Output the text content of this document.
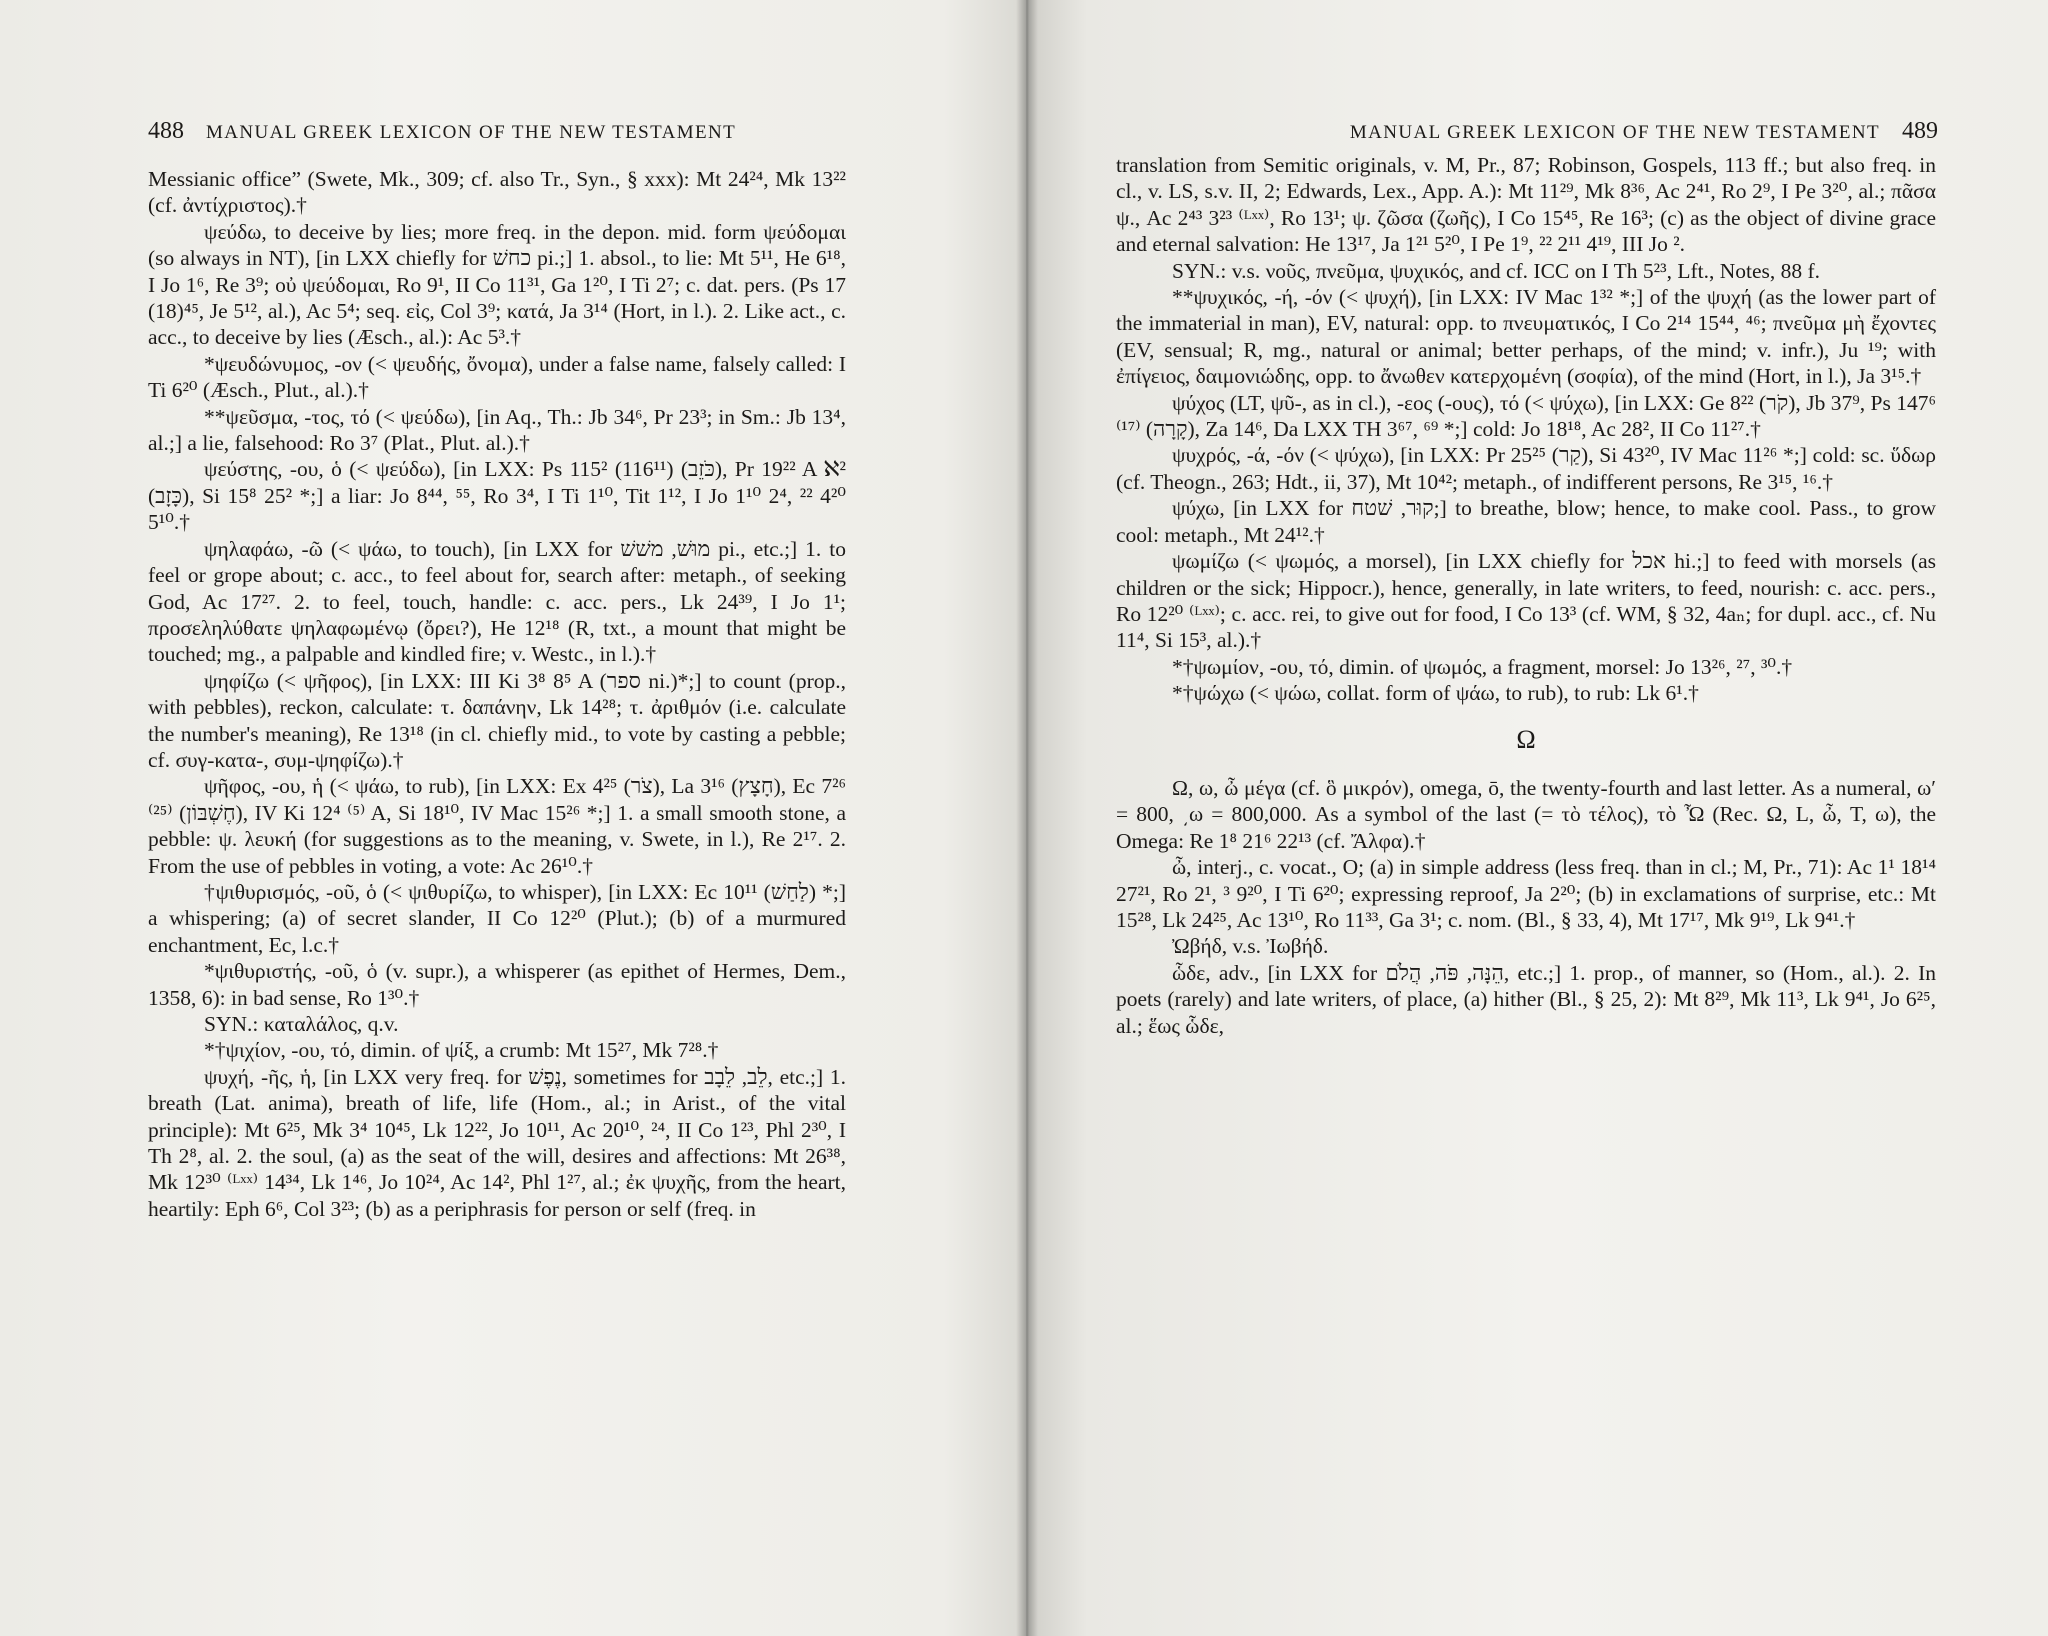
488 MANUAL GREEK LEXICON OF THE NEW TESTAMENT

Messianic office” (Swete, Mk., 309; cf. also Tr., Syn., § xxx): Mt 24²⁴, Mk 13²² (cf. ἀντίχριστος).†

ψεύδω, to deceive by lies; more freq. in the depon. mid. form ψεύδομαι (so always in NT), [in LXX chiefly for כחשׁ pi.;] 1. absol., to lie: Mt 5¹¹, He 6¹⁸, I Jo 1⁶, Re 3⁹; οὐ ψεύδομαι, Ro 9¹, II Co 11³¹, Ga 1²⁰, I Ti 2⁷; c. dat. pers. (Ps 17 (18)⁴⁵, Je 5¹², al.), Ac 5⁴; seq. εἰς, Col 3⁹; κατά, Ja 3¹⁴ (Hort, in l.). 2. Like act., c. acc., to deceive by lies (Æsch., al.): Ac 5³.†

*ψευδώνυμος, -ον (< ψευδής, ὄνομα), under a false name, falsely called: I Ti 6²⁰ (Æsch., Plut., al.).†

**ψεῦσμα, -τος, τό (< ψεύδω), [in Aq., Th.: Jb 34⁶, Pr 23³; in Sm.: Jb 13⁴, al.;] a lie, falsehood: Ro 3⁷ (Plat., Plut. al.).†

ψεύστης, -ου, ὁ (< ψεύδω), [in LXX: Ps 115² (116¹¹) (כֹּזֵב), Pr 19²² A ℵ² (כָּזָב), Si 15⁸ 25² *;] a liar: Jo 8⁴⁴, ⁵⁵, Ro 3⁴, I Ti 1¹⁰, Tit 1¹², I Jo 1¹⁰ 2⁴, ²² 4²⁰ 5¹⁰.†

ψηλαφάω, -ῶ (< ψάω, to touch), [in LXX for מוּשׁ, משׁשׁ pi., etc.;] 1. to feel or grope about; c. acc., to feel about for, search after: metaph., of seeking God, Ac 17²⁷. 2. to feel, touch, handle: c. acc. pers., Lk 24³⁹, I Jo 1¹; προσεληλύθατε ψηλαφωμένῳ (ὄρει?), He 12¹⁸ (R, txt., a mount that might be touched; mg., a palpable and kindled fire; v. Westc., in l.).†

ψηφίζω (< ψῆφος), [in LXX: III Ki 3⁸ 8⁵ A (ספר ni.)*;] to count (prop., with pebbles), reckon, calculate: τ. δαπάνην, Lk 14²⁸; τ. ἀριθμόν (i.e. calculate the number's meaning), Re 13¹⁸ (in cl. chiefly mid., to vote by casting a pebble; cf. συγ-κατα-, συμ-ψηφίζω).†

ψῆφος, -ου, ἡ (< ψάω, to rub), [in LXX: Ex 4²⁵ (צֹר), La 3¹⁶ (חָצָץ), Ec 7²⁶ ⁽²⁵⁾ (חֶשְׁבּוֹן), IV Ki 12⁴ ⁽⁵⁾ A, Si 18¹⁰, IV Mac 15²⁶ *;] 1. a small smooth stone, a pebble: ψ. λευκή (for suggestions as to the meaning, v. Swete, in l.), Re 2¹⁷. 2. From the use of pebbles in voting, a vote: Ac 26¹⁰.†

†ψιθυρισμός, -οῦ, ὁ (< ψιθυρίζω, to whisper), [in LXX: Ec 10¹¹ (לַחַשׁ) *;] a whispering; (a) of secret slander, II Co 12²⁰ (Plut.); (b) of a murmured enchantment, Ec, l.c.†

*ψιθυριστής, -οῦ, ὁ (v. supr.), a whisperer (as epithet of Hermes, Dem., 1358, 6): in bad sense, Ro 1³⁰.†

SYN.: καταλάλος, q.v.

*†ψιχίον, -ου, τό, dimin. of ψίξ, a crumb: Mt 15²⁷, Mk 7²⁸.†

ψυχή, -ῆς, ἡ, [in LXX very freq. for נֶפֶשׁ, sometimes for לֵב, לֵבָב, etc.;] 1. breath (Lat. anima), breath of life, life (Hom., al.; in Arist., of the vital principle): Mt 6²⁵, Mk 3⁴ 10⁴⁵, Lk 12²², Jo 10¹¹, Ac 20¹⁰, ²⁴, II Co 1²³, Phl 2³⁰, I Th 2⁸, al. 2. the soul, (a) as the seat of the will, desires and affections: Mt 26³⁸, Mk 12³⁰ ⁽ᴸˣˣ⁾ 14³⁴, Lk 1⁴⁶, Jo 10²⁴, Ac 14², Phl 1²⁷, al.; ἐκ ψυχῆς, from the heart, heartily: Eph 6⁶, Col 3²³; (b) as a periphrasis for person or self (freq. in

MANUAL GREEK LEXICON OF THE NEW TESTAMENT 489

translation from Semitic originals, v. M, Pr., 87; Robinson, Gospels, 113 ff.; but also freq. in cl., v. LS, s.v. II, 2; Edwards, Lex., App. A.): Mt 11²⁹, Mk 8³⁶, Ac 2⁴¹, Ro 2⁹, I Pe 3²⁰, al.; πᾶσα ψ., Ac 2⁴³ 3²³ ⁽ᴸˣˣ⁾, Ro 13¹; ψ. ζῶσα (ζωῆς), I Co 15⁴⁵, Re 16³; (c) as the object of divine grace and eternal salvation: He 13¹⁷, Ja 1²¹ 5²⁰, I Pe 1⁹, ²² 2¹¹ 4¹⁹, III Jo ².

SYN.: v.s. νοῦς, πνεῦμα, ψυχικός, and cf. ICC on I Th 5²³, Lft., Notes, 88 f.

**ψυχικός, -ή, -όν (< ψυχή), [in LXX: IV Mac 1³² *;] of the ψυχή (as the lower part of the immaterial in man), EV, natural: opp. to πνευματικός, I Co 2¹⁴ 15⁴⁴, ⁴⁶; πνεῦμα μὴ ἔχοντες (EV, sensual; R, mg., natural or animal; better perhaps, of the mind; v. infr.), Ju ¹⁹; with ἐπίγειος, δαιμονιώδης, opp. to ἄνωθεν κατερχομένη (σοφία), of the mind (Hort, in l.), Ja 3¹⁵.†

ψύχος (LT, ψῦ-, as in cl.), -εος (-ους), τό (< ψύχω), [in LXX: Ge 8²² (קֹר), Jb 37⁹, Ps 147⁶ ⁽¹⁷⁾ (קָרָה), Za 14⁶, Da LXX TH 3⁶⁷, ⁶⁹ *;] cold: Jo 18¹⁸, Ac 28², II Co 11²⁷.†

ψυχρός, -ά, -όν (< ψύχω), [in LXX: Pr 25²⁵ (קַר), Si 43²⁰, IV Mac 11²⁶ *;] cold: sc. ὕδωρ (cf. Theogn., 263; Hdt., ii, 37), Mt 10⁴²; metaph., of indifferent persons, Re 3¹⁵, ¹⁶.†

ψύχω, [in LXX for קוּר, שׁטח;] to breathe, blow; hence, to make cool. Pass., to grow cool: metaph., Mt 24¹².†

ψωμίζω (< ψωμός, a morsel), [in LXX chiefly for אכל hi.;] to feed with morsels (as children or the sick; Hippocr.), hence, generally, in late writers, to feed, nourish: c. acc. pers., Ro 12²⁰ ⁽ᴸˣˣ⁾; c. acc. rei, to give out for food, I Co 13³ (cf. WM, § 32, 4aₙ; for dupl. acc., cf. Nu 11⁴, Si 15³, al.).†

*†ψωμίον, -ου, τό, dimin. of ψωμός, a fragment, morsel: Jo 13²⁶, ²⁷, ³⁰.†

*†ψώχω (< ψώω, collat. form of ψάω, to rub), to rub: Lk 6¹.†

Ω

Ω, ω, ὦ μέγα (cf. ὃ μικρόν), omega, ō, the twenty-fourth and last letter. As a numeral, ω′ = 800, ͵ω = 800,000. As a symbol of the last (= τὸ τέλος), τὸ Ὦ (Rec. Ω, L, ὦ, T, ω), the Omega: Re 1⁸ 21⁶ 22¹³ (cf. Ἄλφα).†

ὦ, interj., c. vocat., O; (a) in simple address (less freq. than in cl.; M, Pr., 71): Ac 1¹ 18¹⁴ 27²¹, Ro 2¹, ³ 9²⁰, I Ti 6²⁰; expressing reproof, Ja 2²⁰; (b) in exclamations of surprise, etc.: Mt 15²⁸, Lk 24²⁵, Ac 13¹⁰, Ro 11³³, Ga 3¹; c. nom. (Bl., § 33, 4), Mt 17¹⁷, Mk 9¹⁹, Lk 9⁴¹.†

Ὠβήδ, v.s. Ἰωβήδ.

ὧδε, adv., [in LXX for הֵנָּה, פֹּה, הֲלֹם, etc.;] 1. prop., of manner, so (Hom., al.). 2. In poets (rarely) and late writers, of place, (a) hither (Bl., § 25, 2): Mt 8²⁹, Mk 11³, Lk 9⁴¹, Jo 6²⁵, al.; ἕως ὧδε,
